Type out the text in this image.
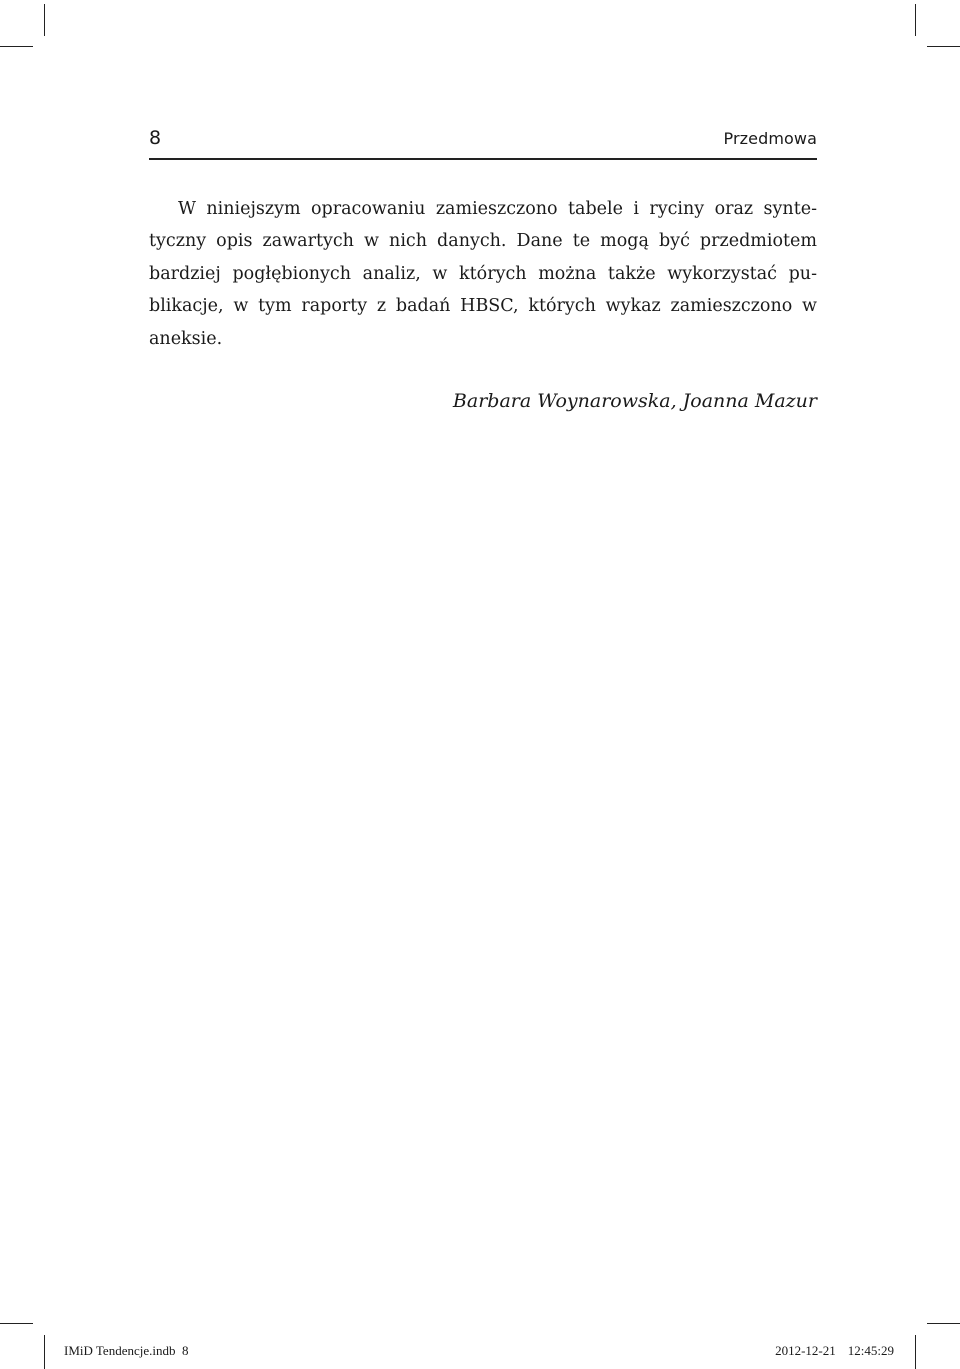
8	Przedmowa

W niniejszym opracowaniu zamieszczono tabele i ryciny oraz syntetyczny opis zawartych w nich danych. Dane te mogą być przedmiotem bardziej pogłębionych analiz, w których można także wykorzystać publikacje, w tym raporty z badań HBSC, których wykaz zamieszczono w aneksie.

Barbara Woynarowska, Joanna Mazur
IMiD Tendencje.indb 8	2012-12-21 12:45:29
